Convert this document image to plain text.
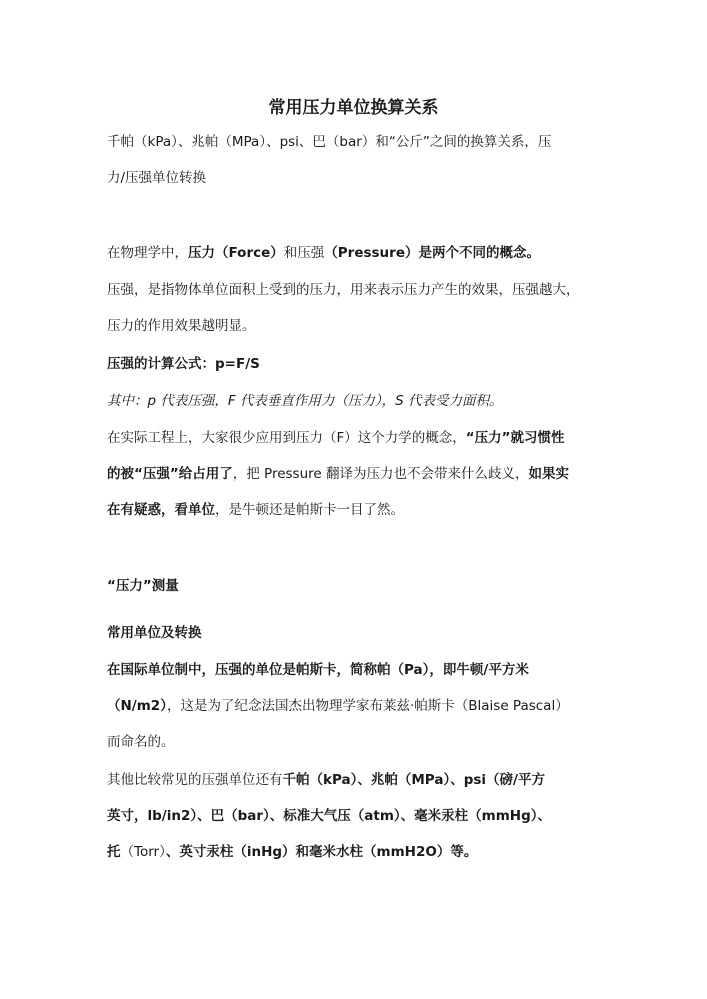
常用压力单位换算关系

千帕（kPa）、兆帕（MPa）、psi、巴（bar）和“公斤”之间的换算关系，压
力/压强单位转换

在物理学中，压力（Force）和压强（Pressure）是两个不同的概念。

压强，是指物体单位面积上受到的压力，用来表示压力产生的效果，压强越大，
压力的作用效果越明显。

压强的计算公式：p=F/S

其中：p 代表压强，F 代表垂直作用力（压力），S 代表受力面积。

在实际工程上，大家很少应用到压力（F）这个力学的概念，“压力”就习惯性
的被“压强”给占用了，把 Pressure 翻译为压力也不会带来什么歧义，如果实
在有疑惑，看单位，是牛顿还是帕斯卡一目了然。

“压力”测量

常用单位及转换

在国际单位制中，压强的单位是帕斯卡，简称帕（Pa），即牛顿/平方米
（N/m2），这是为了纪念法国杰出物理学家布莱兹·帕斯卡（Blaise Pascal）
而命名的。

其他比较常见的压强单位还有千帕（kPa）、兆帕（MPa）、psi（磅/平方
英寸，lb/in2）、巴（bar）、标准大气压（atm）、毫米汞柱（mmHg）、
托（Torr）、英寸汞柱（inHg）和毫米水柱（mmH2O）等。
